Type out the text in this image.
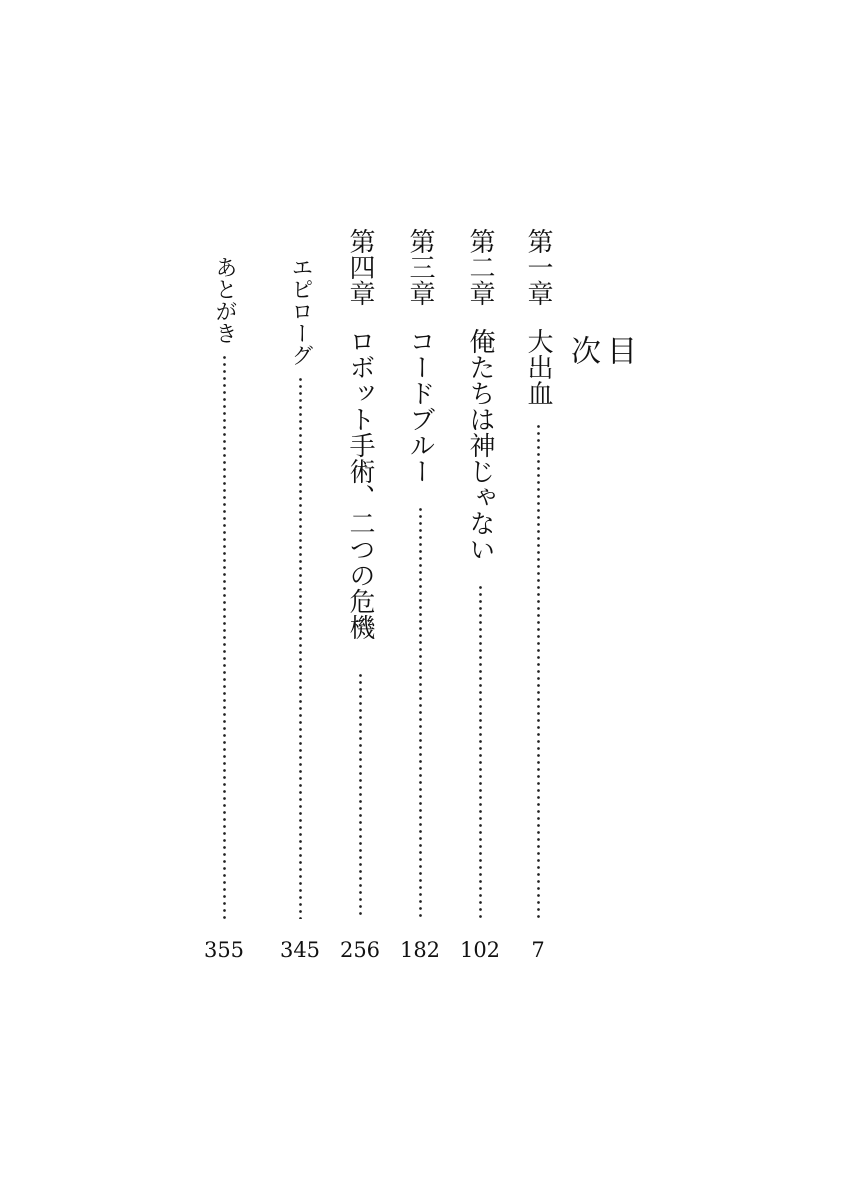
目　次
第一章大出血
7
第二章俺たちは神じゃない
102
第三章コードブルー
182
第四章ロボット手術、二つの危機
256
エピローグ
345
あとがき
355
